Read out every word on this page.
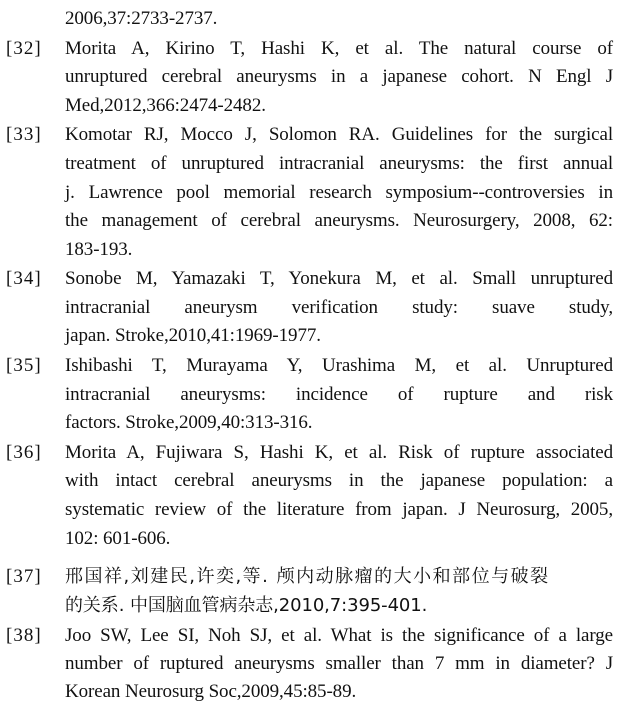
2006,37:2733-2737.
[32] Morita A, Kirino T, Hashi K, et al. The natural course of
unruptured cerebral aneurysms in a japanese cohort. N Engl J
Med,2012,366:2474-2482.
[33] Komotar RJ, Mocco J, Solomon RA. Guidelines for the surgical
treatment of unruptured intracranial aneurysms: the first annual
j. Lawrence pool memorial research symposium--controversies in
the management of cerebral aneurysms. Neurosurgery, 2008, 62:
183-193.
[34] Sonobe M, Yamazaki T, Yonekura M, et al. Small unruptured
intracranial aneurysm verification study: suave study,
japan. Stroke,2010,41:1969-1977.
[35] Ishibashi T, Murayama Y, Urashima M, et al. Unruptured
intracranial aneurysms: incidence of rupture and risk
factors. Stroke,2009,40:313-316.
[36] Morita A, Fujiwara S, Hashi K, et al. Risk of rupture associated
with intact cerebral aneurysms in the japanese population: a
systematic review of the literature from japan. J Neurosurg, 2005,
102: 601-606.
[37] 邢国祥,刘建民,许奕,等. 颅内动脉瘤的大小和部位与破裂
的关系. 中国脑血管病杂志,2010,7:395-401.
[38] Joo SW, Lee SI, Noh SJ, et al. What is the significance of a large
number of ruptured aneurysms smaller than 7 mm in diameter? J
Korean Neurosurg Soc,2009,45:85-89.
